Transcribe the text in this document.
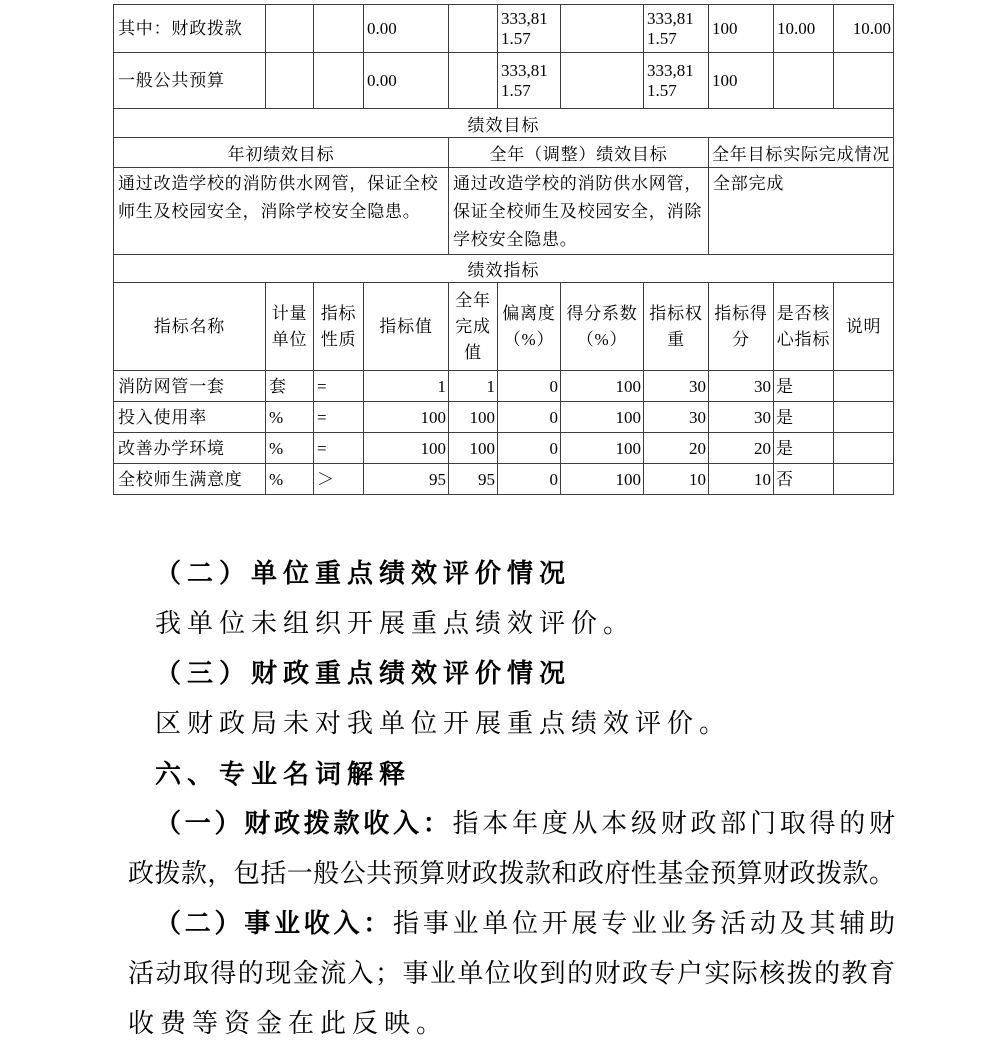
其中：财政拨款			0.00		333,811.57		333,811.57	100	10.00	10.00
一般公共预算			0.00		333,811.57		333,811.57	100		
绩效目标										
年初绩效目标				全年（调整）绩效目标				全年目标实际完成情况		
通过改造学校的消防供水网管，保证全校师生及校园安全，消除学校安全隐患。				通过改造学校的消防供水网管，保证全校师生及校园安全，消除学校安全隐患。				全部完成		
绩效指标										
指标名称	计量单位	指标性质	指标值	全年完成值	偏离度（%）	得分系数（%）	指标权重	指标得分	是否核心指标	说明
消防网管一套	套	=	1	1	0	100	30	30	是	
投入使用率	%	=	100	100	0	100	30	30	是	
改善办学环境	%	=	100	100	0	100	20	20	是	
全校师生满意度	%	＞	95	95	0	100	10	10	否	
（二）单位重点绩效评价情况
我单位未组织开展重点绩效评价。
（三）财政重点绩效评价情况
区财政局未对我单位开展重点绩效评价。
六、专业名词解释
（一）财政拨款收入：指本年度从本级财政部门取得的财
政拨款，包括一般公共预算财政拨款和政府性基金预算财政拨款。
（二）事业收入：指事业单位开展专业业务活动及其辅助
活动取得的现金流入；事业单位收到的财政专户实际核拨的教育
收费等资金在此反映。
